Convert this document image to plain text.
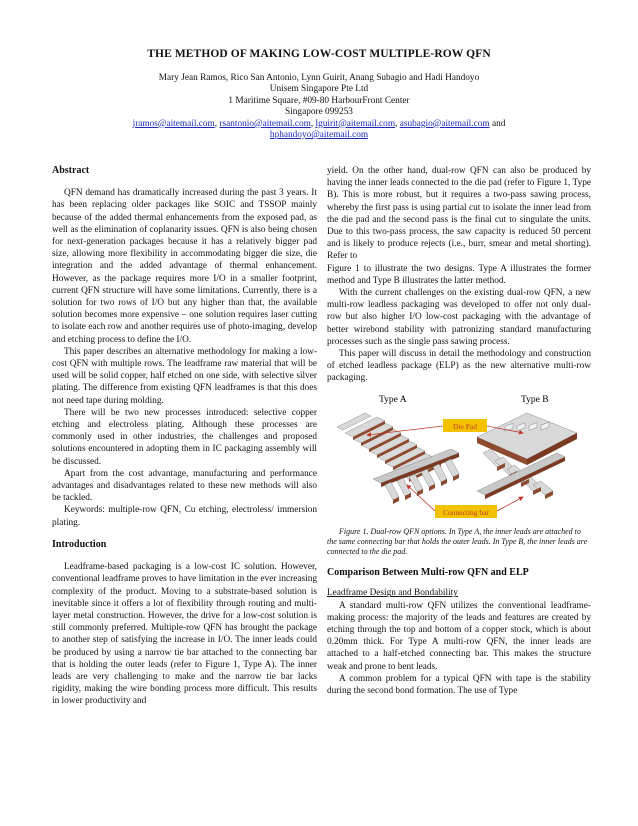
THE METHOD OF MAKING LOW-COST MULTIPLE-ROW QFN
Mary Jean Ramos, Rico San Antonio, Lynn Guirit, Anang Subagio and Hadi Handoyo
Unisem Singapore Pte Ltd
1 Maritime Square, #09-80 HarbourFront Center
Singapore 099253
jramos@aitemail.com, rsantonio@aitemail.com, lguirit@aitemail.com, asubagio@aitemail.com and
hphandoyo@aitemail.com
Abstract

QFN demand has dramatically increased during the past 3 years. It has been replacing older packages like SOIC and TSSOP mainly because of the added thermal enhancements from the exposed pad, as well as the elimination of coplanarity issues. QFN is also being chosen for next-generation packages because it has a relatively bigger pad size, allowing more flexibility in accommodating bigger die size, die integration and the added advantage of thermal enhancement. However, as the package requires more I/O in a smaller footprint, current QFN structure will have some limitations. Currently, there is a solution for two rows of I/O but any higher than that, the available solution becomes more expensive – one solution requires laser cutting to isolate each row and another requires use of photo-imaging, develop and etching process to define the I/O.

This paper describes an alternative methodology for making a low-cost QFN with multiple rows. The leadframe raw material that will be used will be solid copper, half etched on one side, with selective silver plating. The difference from existing QFN leadframes is that this does not need tape during molding.

There will be two new processes introduced: selective copper etching and electroless plating. Although these processes are commonly used in other industries, the challenges and proposed solutions encountered in adopting them in IC packaging assembly will be discussed.

Apart from the cost advantage, manufacturing and performance advantages and disadvantages related to these new methods will also be tackled.

Keywords: multiple-row QFN, Cu etching, electroless/ immersion plating.

Introduction

Leadframe-based packaging is a low-cost IC solution. However, conventional leadframe proves to have limitation in the ever increasing complexity of the product. Moving to a substrate-based solution is inevitable since it offers a lot of flexibility through routing and multi-layer metal construction. However, the drive for a low-cost solution is still commonly preferred. Multiple-row QFN has brought the package to another step of satisfying the increase in I/O. The inner leads could be produced by using a narrow tie bar attached to the connecting bar that is holding the outer leads (refer to Figure 1, Type A). The inner leads are very challenging to make and the narrow tie bar lacks rigidity, making the wire bonding process more difficult. This results in lower productivity and

yield. On the other hand, dual-row QFN can also be produced by having the inner leads connected to the die pad (refer to Figure 1, Type B). This is more robust, but it requires a two-pass sawing process, whereby the first pass is using partial cut to isolate the inner lead from the die pad and the second pass is the final cut to singulate the units. Due to this two-pass process, the saw capacity is reduced 50 percent and is likely to produce rejects (i.e., burr, smear and metal shorting). Refer to

Figure 1 to illustrate the two designs. Type A illustrates the former method and Type B illustrates the latter method.

With the current challenges on the existing dual-row QFN, a new multi-row leadless packaging was developed to offer not only dual-row but also higher I/O low-cost packaging with the advantage of better wirebond stability with patronizing standard manufacturing processes such as the single pass sawing process.

This paper will discuss in detail the methodology and construction of etched leadless package (ELP) as the new alternative multi-row packaging.

Type A	Type B
Die Pad
Connecting bar

Figure 1. Dual-row QFN options. In Type A, the inner leads are attached to the same connecting bar that holds the outer leads. In Type B, the inner leads are connected to the die pad.

Comparison Between Multi-row QFN and ELP
Leadframe Design and Bondability

A standard multi-row QFN utilizes the conventional leadframe-making process: the majority of the leads and features are created by etching through the top and bottom of a copper stock, which is about 0.20mm thick. For Type A multi-row QFN, the inner leads are attached to a half-etched connecting bar. This makes the structure weak and prone to bent leads.

A common problem for a typical QFN with tape is the stability during the second bond formation. The use of Type
